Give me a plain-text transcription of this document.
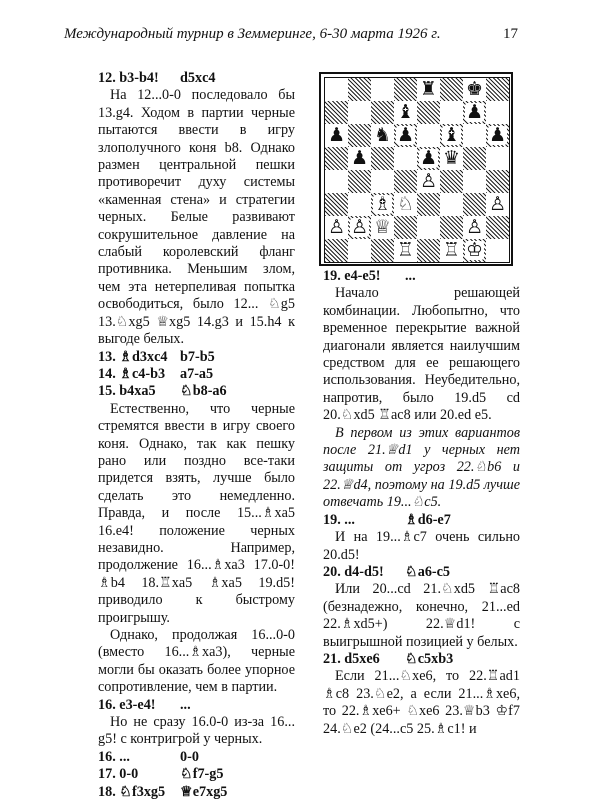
Международный турнир в Земмеринге, 6-30 марта 1926 г.	17
♜ ♚
♝	♟
♟ ♞ ♟ ♝ ♟
♟	♟ ♛
♙
♗ ♘	♙
♙ ♙ ♕	♙
♖ ♖ ♔
12. b3-b4!	d5xc4

На 12...0-0 последовало бы 13.g4. Ходом в партии черные пытаются ввести в игру злополучного коня b8. Однако размен центральной пешки противоречит духу системы «каменная стена» и стратегии черных. Белые развивают сокрушительное давление на слабый королевский фланг противника. Меньшим злом, чем эта нетерпеливая попытка освободиться, было 12... ♘g5 13.♘xg5 ♕xg5 14.g3 и 15.h4 к выгоде белых.

13. ♗d3xc4 b7-b5
14. ♗c4-b3	a7-a5
15. b4xa5	♘b8-a6

Естественно, что черные стремятся ввести в игру своего коня. Однако, так как пешку рано или поздно все-таки придется взять, лучше было сделать это немедленно. Правда, и после 15...♗xa5 16.e4! положение черных незавидно. Например, продолжение 16...♗xa3 17.0-0! ♗b4 18.♖xa5 ♗xa5 19.d5! приводило к быстрому проигрышу.

Однако, продолжая 16...0-0 (вместо 16...♗xa3), черные могли бы оказать более упорное сопротивление, чем в партии.

16. e3-e4!	...

Но не сразу 16.0-0 из-за 16... g5! с контригрой у черных.

16. ...	0-0
17. 0-0	♘f7-g5
18. ♘f3xg5	♕e7xg5
19. e4-e5!	...

Начало решающей комбинации. Любопытно, что временное перекрытие важной диагонали является наилучшим средством для ее решающего использования. Неубедительно, напротив, было 19.d5 cd 20.♘xd5 ♖ac8 или 20.ed e5.

В первом из этих вариантов после 21.♕d1 у черных нет защиты от угроз 22.♘b6 и 22.♕d4, поэтому на 19.d5 лучше отвечать 19...♘c5.

19. ...	♗d6-e7

И на 19...♗c7 очень сильно 20.d5!

20. d4-d5!	♘a6-c5

Или 20...cd 21.♘xd5 ♖ac8 (безнадежно, конечно, 21...ed 22.♗xd5+) 22.♕d1! с выигрышной позицией у белых.

21. d5xe6	♘c5xb3

Если 21...♘xe6, то 22.♖ad1 ♗c8 23.♘e2, а если 21...♗xe6, то 22.♗xe6+ ♘xe6 23.♕b3 ♔f7 24.♘e2 (24...c5 25.♗c1! и
